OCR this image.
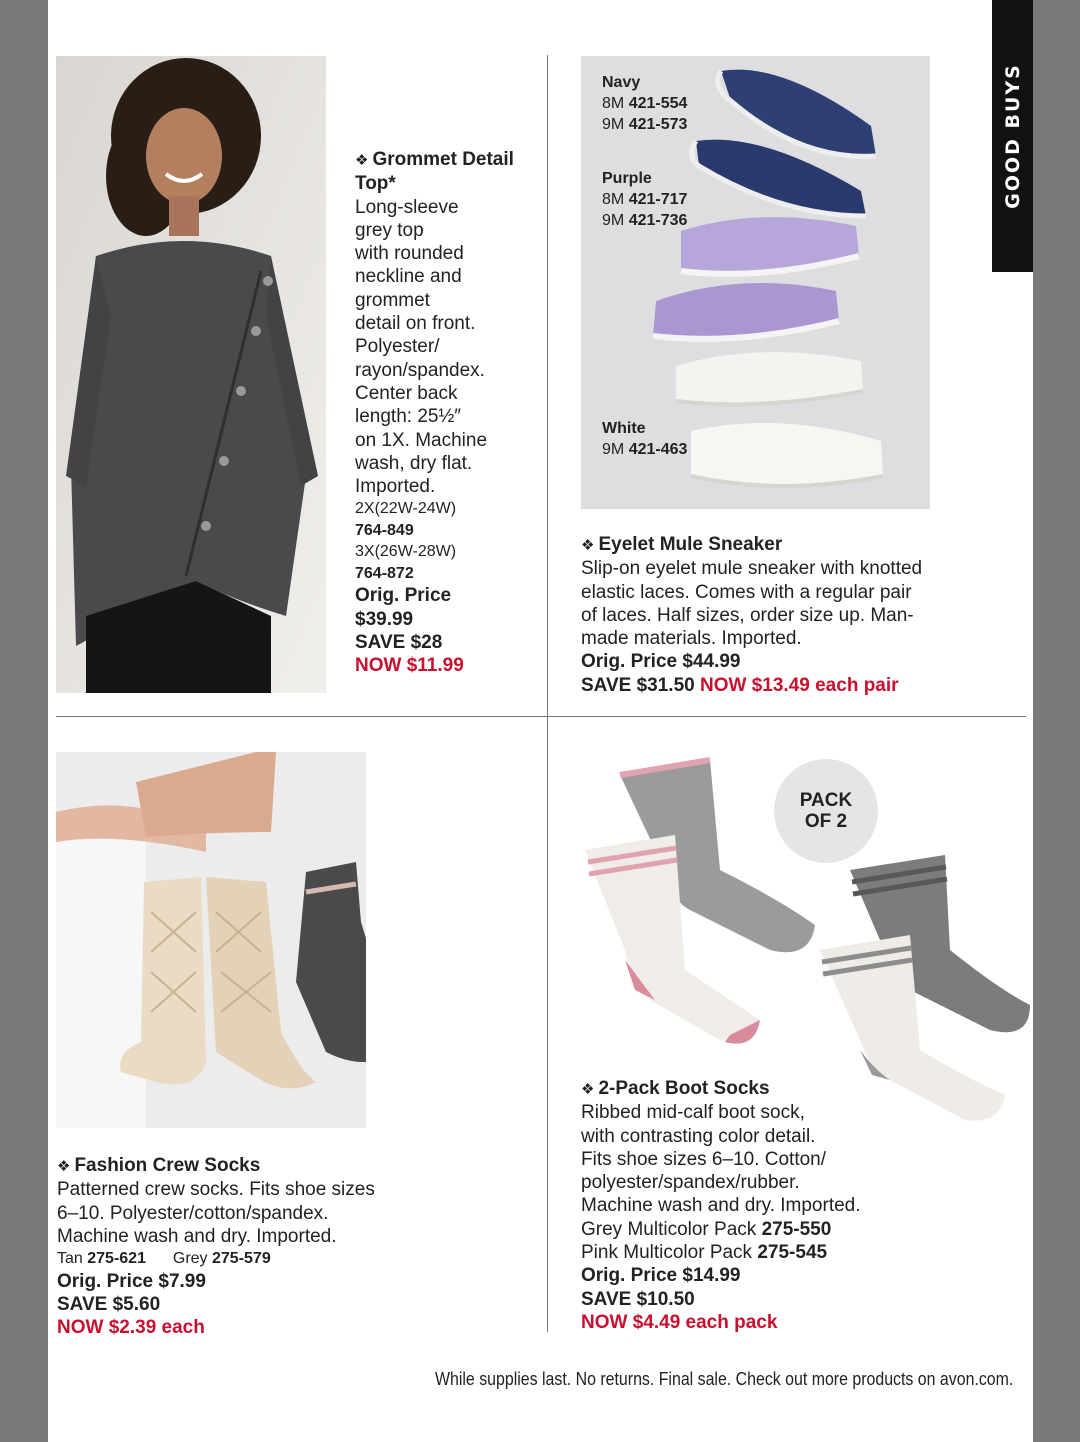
GOOD BUYS
❖ Grommet Detail Top*
Long-sleeve
grey top
with rounded
neckline and
grommet
detail on front.
Polyester/
rayon/spandex.
Center back
length: 25½″
on 1X. Machine
wash, dry flat.
Imported.
2X(22W-24W)
764-849
3X(26W-28W)
764-872
Orig. Price
$39.99
SAVE $28
NOW $11.99
Navy
8M 421-554
9M 421-573
Purple
8M 421-717
9M 421-736
White
9M 421-463
❖ Eyelet Mule Sneaker
Slip-on eyelet mule sneaker with knotted
elastic laces. Comes with a regular pair
of laces. Half sizes, order size up. Man-
made materials. Imported.
Orig. Price $44.99
SAVE $31.50 NOW $13.49 each pair
❖ Fashion Crew Socks
Patterned crew socks. Fits shoe sizes
6–10. Polyester/cotton/spandex.
Machine wash and dry. Imported.
Tan 275-621 Grey 275-579
Orig. Price $7.99
SAVE $5.60
NOW $2.39 each
PACK
OF 2
❖ 2-Pack Boot Socks
Ribbed mid-calf boot sock,
with contrasting color detail.
Fits shoe sizes 6–10. Cotton/
polyester/spandex/rubber.
Machine wash and dry. Imported.
Grey Multicolor Pack 275-550
Pink Multicolor Pack 275-545
Orig. Price $14.99
SAVE $10.50
NOW $4.49 each pack
While supplies last. No returns. Final sale. Check out more products on avon.com.
